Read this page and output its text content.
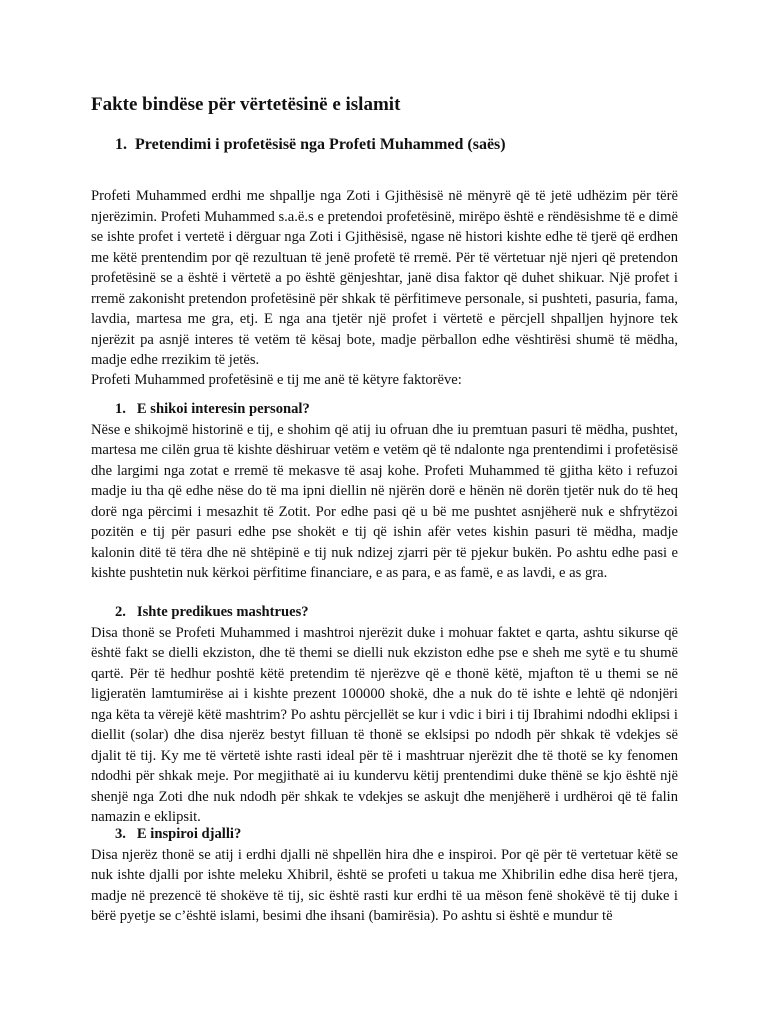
Fakte bindëse për vërtetësinë e islamit
1. Pretendimi i profetësisë nga Profeti Muhammed (saës)

Profeti Muhammed erdhi me shpallje nga Zoti i Gjithësisë në mënyrë që të jetë udhëzim për tërë njerëzimin. Profeti Muhammed s.a.ë.s e pretendoi profetësinë, mirëpo është e rëndësishme të e dimë se ishte profet i vertetë i dërguar nga Zoti i Gjithësisë, ngase në histori kishte edhe të tjerë që erdhen me këtë prentendim por që rezultuan të jenë profetë të rremë. Për të vërtetuar një njeri që pretendon profetësinë se a është i vërtetë a po është gënjeshtar, janë disa faktor që duhet shikuar. Një profet i rremë zakonisht pretendon profetësinë për shkak të përfitimeve personale, si pushteti, pasuria, fama, lavdia, martesa me gra, etj. E nga ana tjetër një profet i vërtetë e përcjell shpalljen hyjnore tek njerëzit pa asnjë interes të vetëm të kësaj bote, madje përballon edhe vështirësi shumë të mëdha, madje edhe rrezikim të jetës.

Profeti Muhammed profetësinë e tij me anë të këtyre faktorëve:

1. E shikoi interesin personal?

Nëse e shikojmë historinë e tij, e shohim që atij iu ofruan dhe iu premtuan pasuri të mëdha, pushtet, martesa me cilën grua të kishte dëshiruar vetëm e vetëm që të ndalonte nga prentendimi i profetësisë dhe largimi nga zotat e rremë të mekasve të asaj kohe. Profeti Muhammed të gjitha këto i refuzoi madje iu tha që edhe nëse do të ma ipni diellin në njërën dorë e hënën në dorën tjetër nuk do të heq dorë nga përcimi i mesazhit të Zotit. Por edhe pasi që u bë me pushtet asnjëherë nuk e shfrytëzoi pozitën e tij për pasuri edhe pse shokët e tij që ishin afër vetes kishin pasuri të mëdha, madje kalonin ditë të tëra dhe në shtëpinë e tij nuk ndizej zjarri për të pjekur bukën. Po ashtu edhe pasi e kishte pushtetin nuk kërkoi përfitime financiare, e as para, e as famë, e as lavdi, e as gra.

2. Ishte predikues mashtrues?

Disa thonë se Profeti Muhammed i mashtroi njerëzit duke i mohuar faktet e qarta, ashtu sikurse që është fakt se dielli ekziston, dhe të themi se dielli nuk ekziston edhe pse e sheh me sytë e tu shumë qartë. Për të hedhur poshtë këtë pretendim të njerëzve që e thonë këtë, mjafton të u themi se në ligjeratën lamtumirëse ai i kishte prezent 100000 shokë, dhe a nuk do të ishte e lehtë që ndonjëri nga këta ta vërejë këtë mashtrim? Po ashtu përcjellët se kur i vdic i biri i tij Ibrahimi ndodhi eklipsi i diellit (solar) dhe disa njerëz bestyt filluan të thonë se eklsipsi po ndodh për shkak të vdekjes së djalit të tij. Ky me të vërtetë ishte rasti ideal për të i mashtruar njerëzit dhe të thotë se ky fenomen ndodhi për shkak meje. Por megjithatë ai iu kundervu këtij prentendimi duke thënë se kjo është një shenjë nga Zoti dhe nuk ndodh për shkak te vdekjes se askujt dhe menjëherë i urdhëroi që të falin namazin e eklipsit.

3. E inspiroi djalli?

Disa njerëz thonë se atij i erdhi djalli në shpellën hira dhe e inspiroi. Por që për të vertetuar këtë se nuk ishte djalli por ishte meleku Xhibril, është se profeti u takua me Xhibrilin edhe disa herë tjera, madje në prezencë të shokëve të tij, sic është rasti kur erdhi të ua mëson fenë shokëvë të tij duke i bërë pyetje se c’është islami, besimi dhe ihsani (bamirësia). Po ashtu si është e mundur të
